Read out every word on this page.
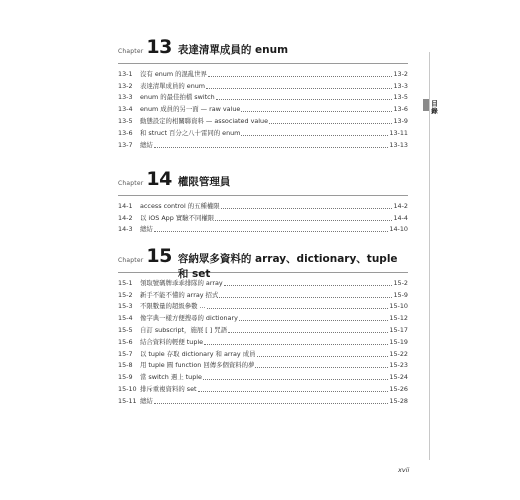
Chapter 13 表達清單成員的 enum
13-1	沒有 enum 的混亂世界	13-2
13-2	表達清單成員的 enum	13-3
13-3	enum 的最佳拍檔 switch	13-5
13-4	enum 成員的另一面 — raw value	13-6
13-5	動態設定的相關聯資料 — associated value	13-9
13-6	和 struct 百分之八十雷同的 enum	13-11
13-7	總結	13-13
Chapter 14 權限管理員
14-1	access control 的五種權限	14-2
14-2	以 iOS App 實驗不同權限	14-4
14-3	總結	14-10
Chapter 15 容納眾多資料的 array、dictionary、tuple 和 set
15-1	領取號碼牌乖乖排隊的 array	15-2
15-2	新手不能不懂的 array 招式	15-9
15-3	不限數量的超級參數 ...	15-10
15-4	像字典一樣方便搜尋的 dictionary	15-12
15-5	自訂 subscript，施展 [ ] 咒語	15-17
15-6	結合資料的輕便 tuple	15-19
15-7	以 tuple 存取 dictionary 和 array 成員	15-22
15-8	用 tuple 圓 function 回傳多個資料的夢	15-23
15-9	當 switch 遇上 tuple	15-24
15-10 排斥重複資料的 set	15-26
15-11 總結	15-28
目錄
xvii
